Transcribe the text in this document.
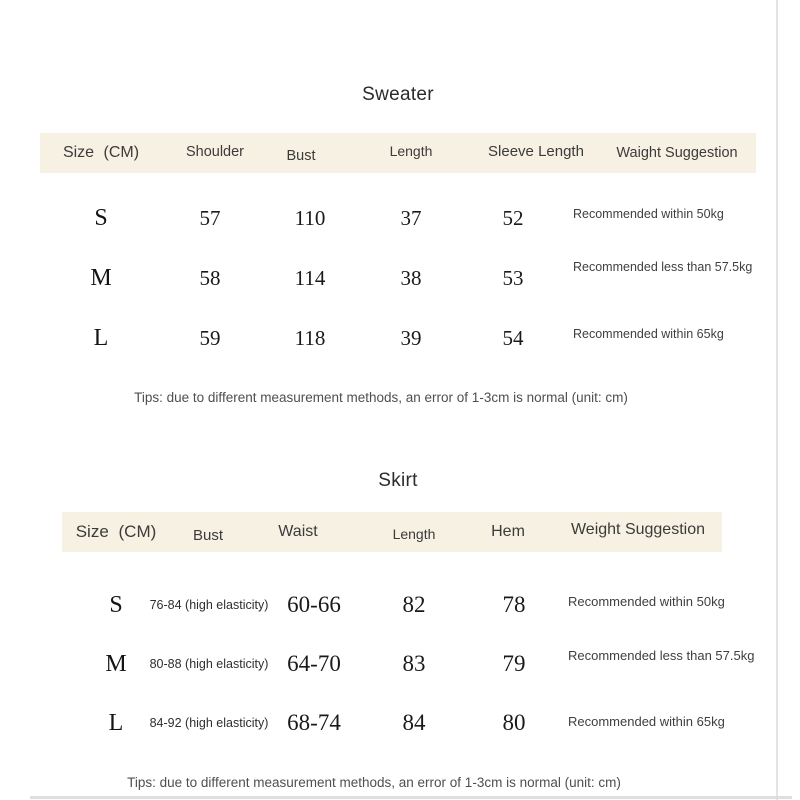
Sweater
Size (CM)	Shoulder	Bust	Length	Sleeve Length	Waight Suggestion
S	57	110	37	52	Recommended within 50kg
M	58	114	38	53	Recommended less than 57.5kg
L	59	118	39	54	Recommended within 65kg
Tips: due to different measurement methods, an error of 1-3cm is normal (unit: cm)
Skirt
Size (CM)	Bust	Waist	Length	Hem	Weight Suggestion
S	76-84 (high elasticity) 60-66	82	78	Recommended within 50kg
M	80-88 (high elasticity) 64-70	83	79	Recommended less than 57.5kg
L	84-92 (high elasticity) 68-74	84	80	Recommended within 65kg
Tips: due to different measurement methods, an error of 1-3cm is normal (unit: cm)
